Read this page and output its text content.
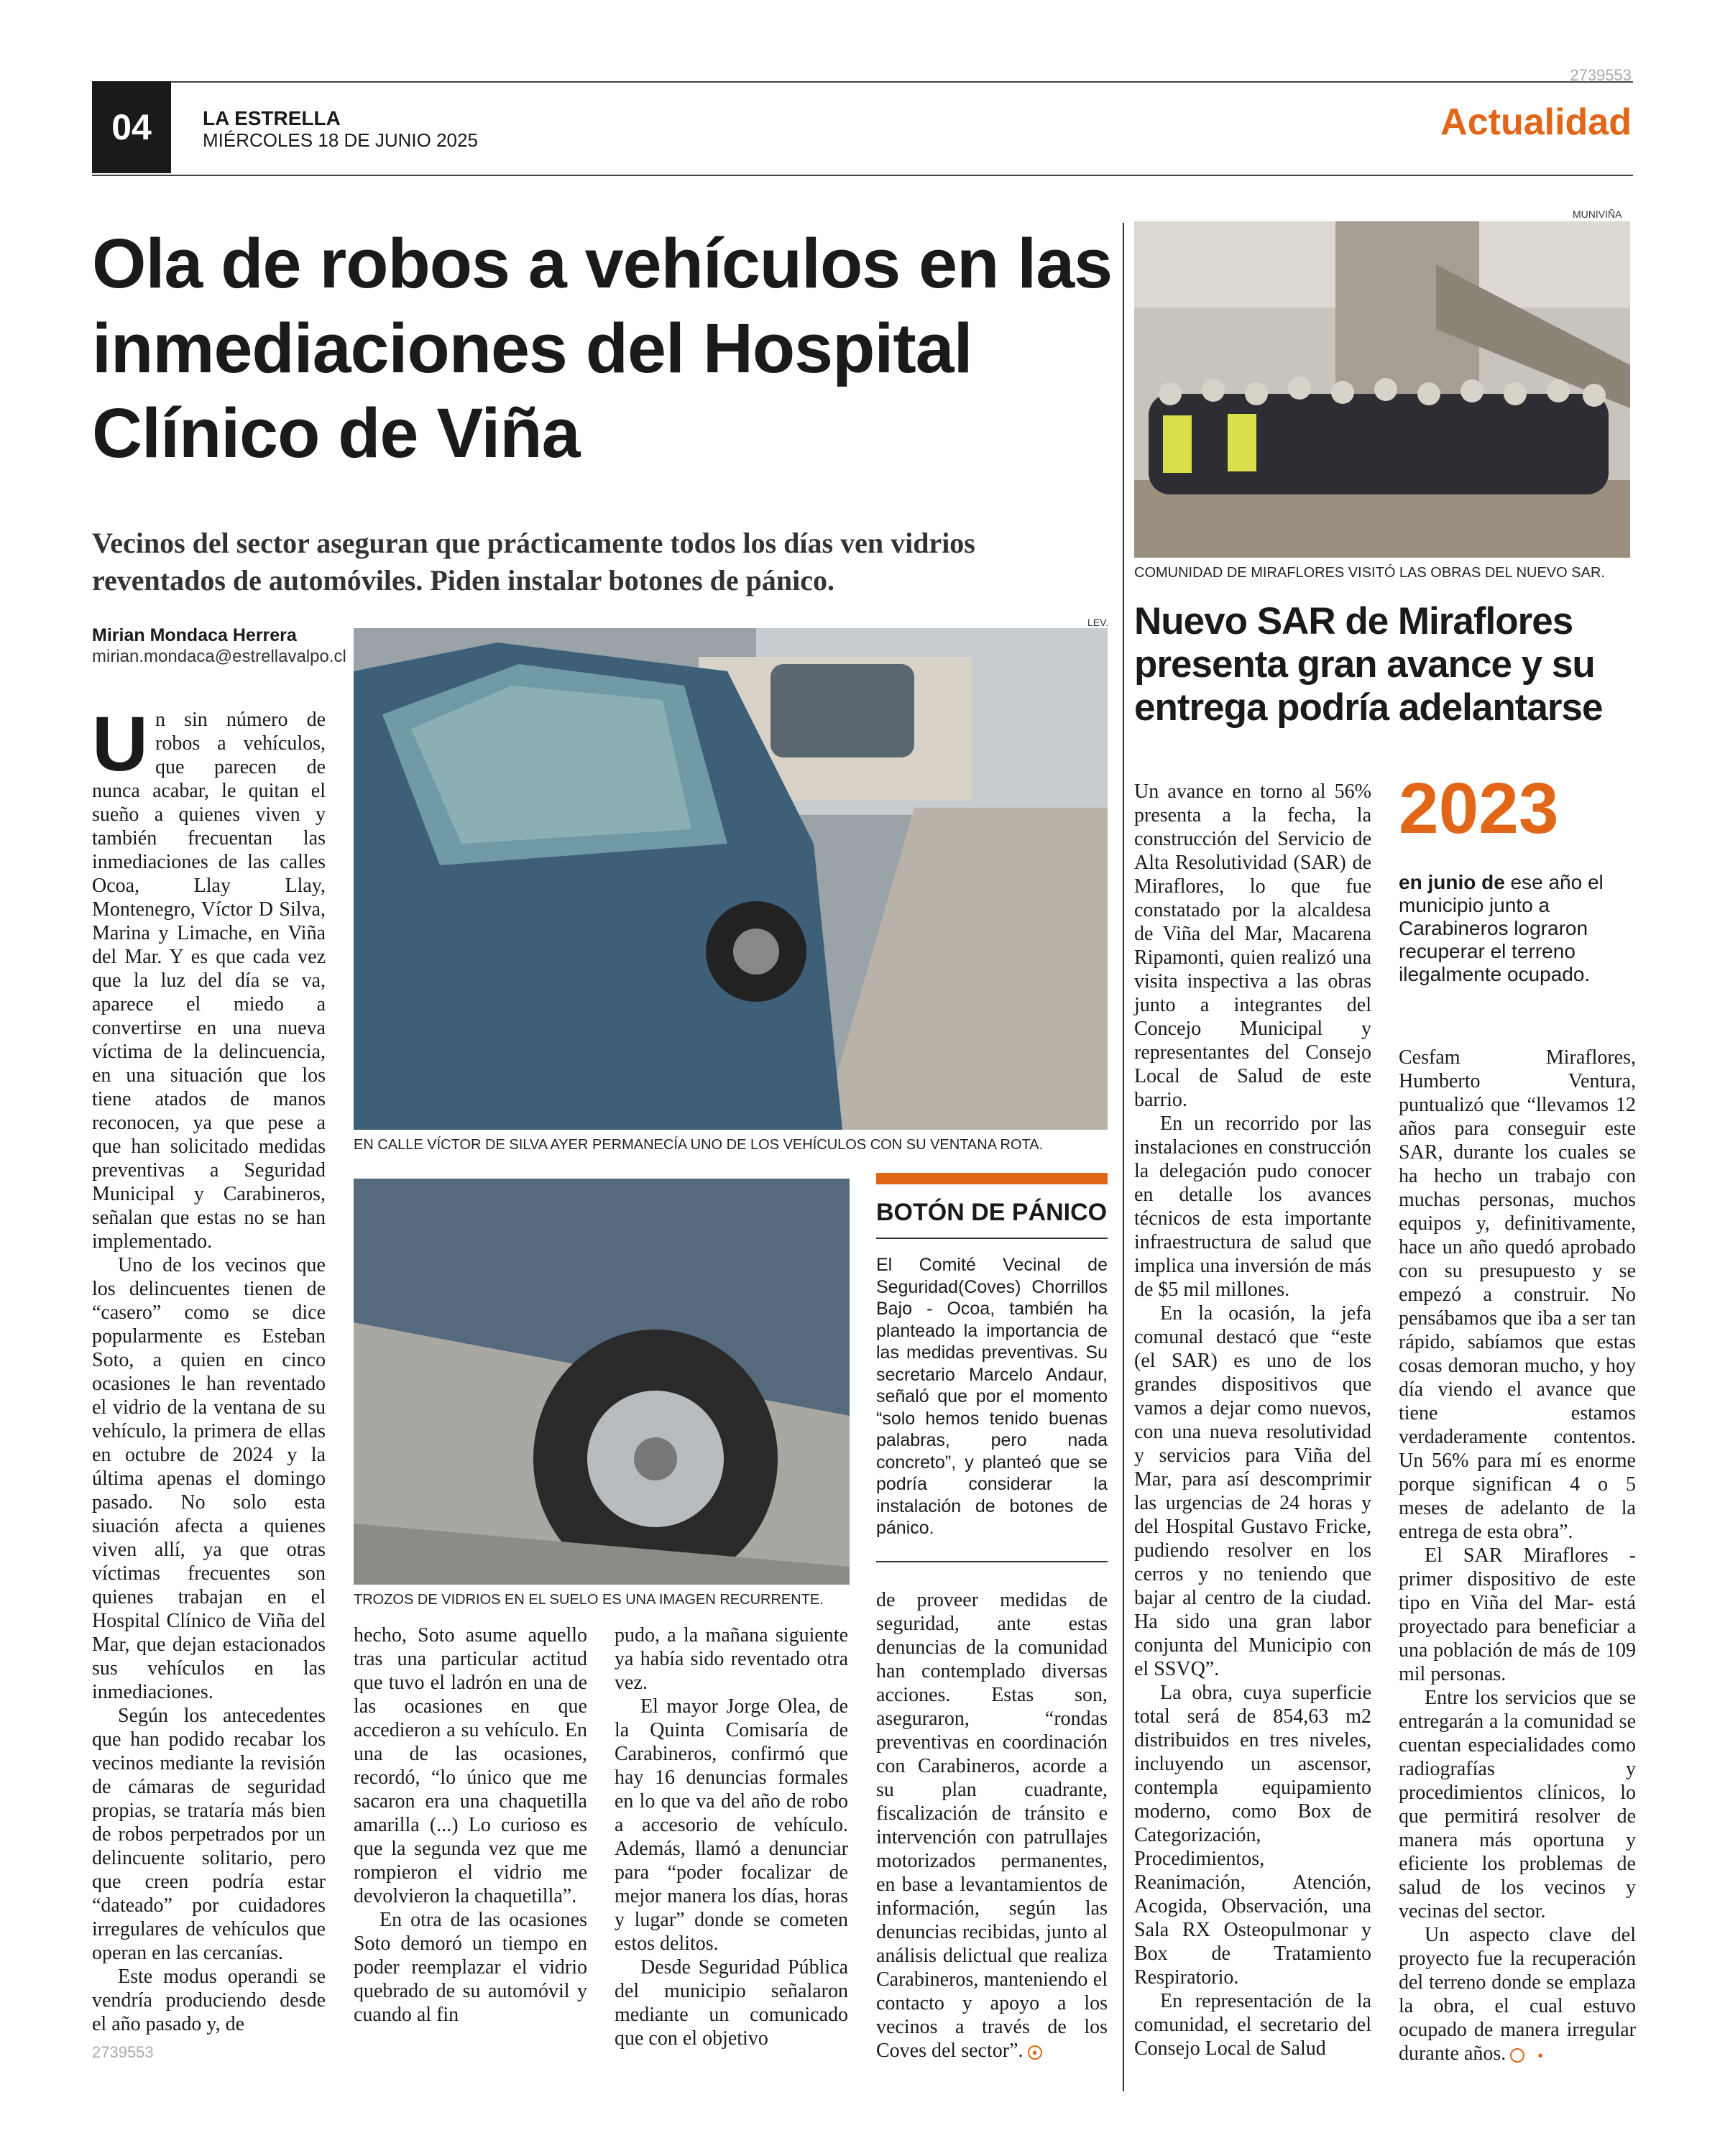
2739553
04	LA ESTRELLA
MIÉRCOLES 18 DE JUNIO 2025	Actualidad
Ola de robos a vehículos en las inmediaciones del Hospital Clínico de Viña
Vecinos del sector aseguran que prácticamente todos los días ven vidrios reventados de automóviles. Piden instalar botones de pánico.
Mirian Mondaca Herrera
mirian.mondaca@estrellavalpo.cl
LEV.
EN CALLE VÍCTOR DE SILVA AYER PERMANECÍA UNO DE LOS VEHÍCULOS CON SU VENTANA ROTA.
TROZOS DE VIDRIOS EN EL SUELO ES UNA IMAGEN RECURRENTE.

Un sin número de robos a vehículos, que parecen de nunca acabar, le quitan el sueño a quienes viven y también frecuentan las inmediaciones de las calles Ocoa, Llay Llay, Montenegro, Víctor D Silva, Marina y Limache, en Viña del Mar. Y es que cada vez que la luz del día se va, aparece el miedo a convertirse en una nueva víctima de la delincuencia, en una situación que los tiene atados de manos reconocen, ya que pese a que han solicitado medidas preventivas a Seguridad Municipal y Carabineros, señalan que estas no se han implementado.

Uno de los vecinos que los delincuentes tienen de “casero” como se dice popularmente es Esteban Soto, a quien en cinco ocasiones le han reventado el vidrio de la ventana de su vehículo, la primera de ellas en octubre de 2024 y la última apenas el domingo pasado. No solo esta siuación afecta a quienes viven allí, ya que otras víctimas frecuentes son quienes trabajan en el Hospital Clínico de Viña del Mar, que dejan estacionados sus vehículos en las inmediaciones.

Según los antecedentes que han podido recabar los vecinos mediante la revisión de cámaras de seguridad propias, se trataría más bien de robos perpetrados por un delincuente solitario, pero que creen podría estar “dateado” por cuidadores irregulares de vehículos que operan en las cercanías.

Este modus operandi se vendría produciendo desde el año pasado y, de

hecho, Soto asume aquello tras una particular actitud que tuvo el ladrón en una de las ocasiones en que accedieron a su vehículo. En una de las ocasiones, recordó, “lo único que me sacaron era una chaquetilla amarilla (...) Lo curioso es que la segunda vez que me rompieron el vidrio me devolvieron la chaquetilla”.

En otra de las ocasiones Soto demoró un tiempo en poder reemplazar el vidrio quebrado de su automóvil y cuando al fin

pudo, a la mañana siguiente ya había sido reventado otra vez.

El mayor Jorge Olea, de la Quinta Comisaría de Carabineros, confirmó que hay 16 denuncias formales en lo que va del año de robo a accesorio de vehículo. Además, llamó a denunciar para “poder focalizar de mejor manera los días, horas y lugar” donde se cometen estos delitos.

Desde Seguridad Pública del municipio señalaron mediante un comunicado que con el objetivo

de proveer medidas de seguridad, ante estas denuncias de la comunidad han contemplado diversas acciones. Estas son, aseguraron, “rondas preventivas en coordinación con Carabineros, acorde a su plan cuadrante, fiscalización de tránsito e intervención con patrullajes motorizados permanentes, en base a levantamientos de información, según las denuncias recibidas, junto al análisis delictual que realiza Carabineros, manteniendo el contacto y apoyo a los vecinos a través de los Coves del sector”. ●

BOTÓN DE PÁNICO
El Comité Vecinal de Seguridad(Coves) Chorrillos Bajo - Ocoa, también ha planteado la importancia de las medidas preventivas. Su secretario Marcelo Andaur, señaló que por el momento “solo hemos tenido buenas palabras, pero nada concreto”, y planteó que se podría considerar la instalación de botones de pánico.
MUNIVIÑA
COMUNIDAD DE MIRAFLORES VISITÓ LAS OBRAS DEL NUEVO SAR.
Nuevo SAR de Miraflores presenta gran avance y su entrega podría adelantarse
2023
en junio de ese año el municipio junto a Carabineros lograron recuperar el terreno ilegalmente ocupado.

Un avance en torno al 56% presenta a la fecha, la construcción del Servicio de Alta Resolutividad (SAR) de Miraflores, lo que fue constatado por la alcaldesa de Viña del Mar, Macarena Ripamonti, quien realizó una visita inspectiva a las obras junto a integrantes del Concejo Municipal y representantes del Consejo Local de Salud de este barrio.

En un recorrido por las instalaciones en construcción la delegación pudo conocer en detalle los avances técnicos de esta importante infraestructura de salud que implica una inversión de más de $5 mil millones.

En la ocasión, la jefa comunal destacó que “este (el SAR) es uno de los grandes dispositivos que vamos a dejar como nuevos, con una nueva resolutividad y servicios para Viña del Mar, para así descomprimir las urgencias de 24 horas y del Hospital Gustavo Fricke, pudiendo resolver en los cerros y no teniendo que bajar al centro de la ciudad. Ha sido una gran labor conjunta del Municipio con el SSVQ”.

La obra, cuya superficie total será de 854,63 m2 distribuidos en tres niveles, incluyendo un ascensor, contempla equipamiento moderno, como Box de Categorización, Procedimientos, Reanimación, Atención, Acogida, Observación, una Sala RX Osteopulmonar y Box de Tratamiento Respiratorio.

En representación de la comunidad, el secretario del Consejo Local de Salud

Cesfam Miraflores, Humberto Ventura, puntualizó que “llevamos 12 años para conseguir este SAR, durante los cuales se ha hecho un trabajo con muchas personas, muchos equipos y, definitivamente, hace un año quedó aprobado con su presupuesto y se empezó a construir. No pensábamos que iba a ser tan rápido, sabíamos que estas cosas demoran mucho, y hoy día viendo el avance que tiene estamos verdaderamente contentos. Un 56% para mí es enorme porque significan 4 o 5 meses de adelanto de la entrega de esta obra”.

El SAR Miraflores -primer dispositivo de este tipo en Viña del Mar- está proyectado para beneficiar a una población de más de 109 mil personas.

Entre los servicios que se entregarán a la comunidad se cuentan especialidades como radiografías y procedimientos clínicos, lo que permitirá resolver de manera más oportuna y eficiente los problemas de salud de los vecinos y vecinas del sector.

Un aspecto clave del proyecto fue la recuperación del terreno donde se emplaza la obra, el cual estuvo ocupado de manera irregular durante años.	●

2739553
